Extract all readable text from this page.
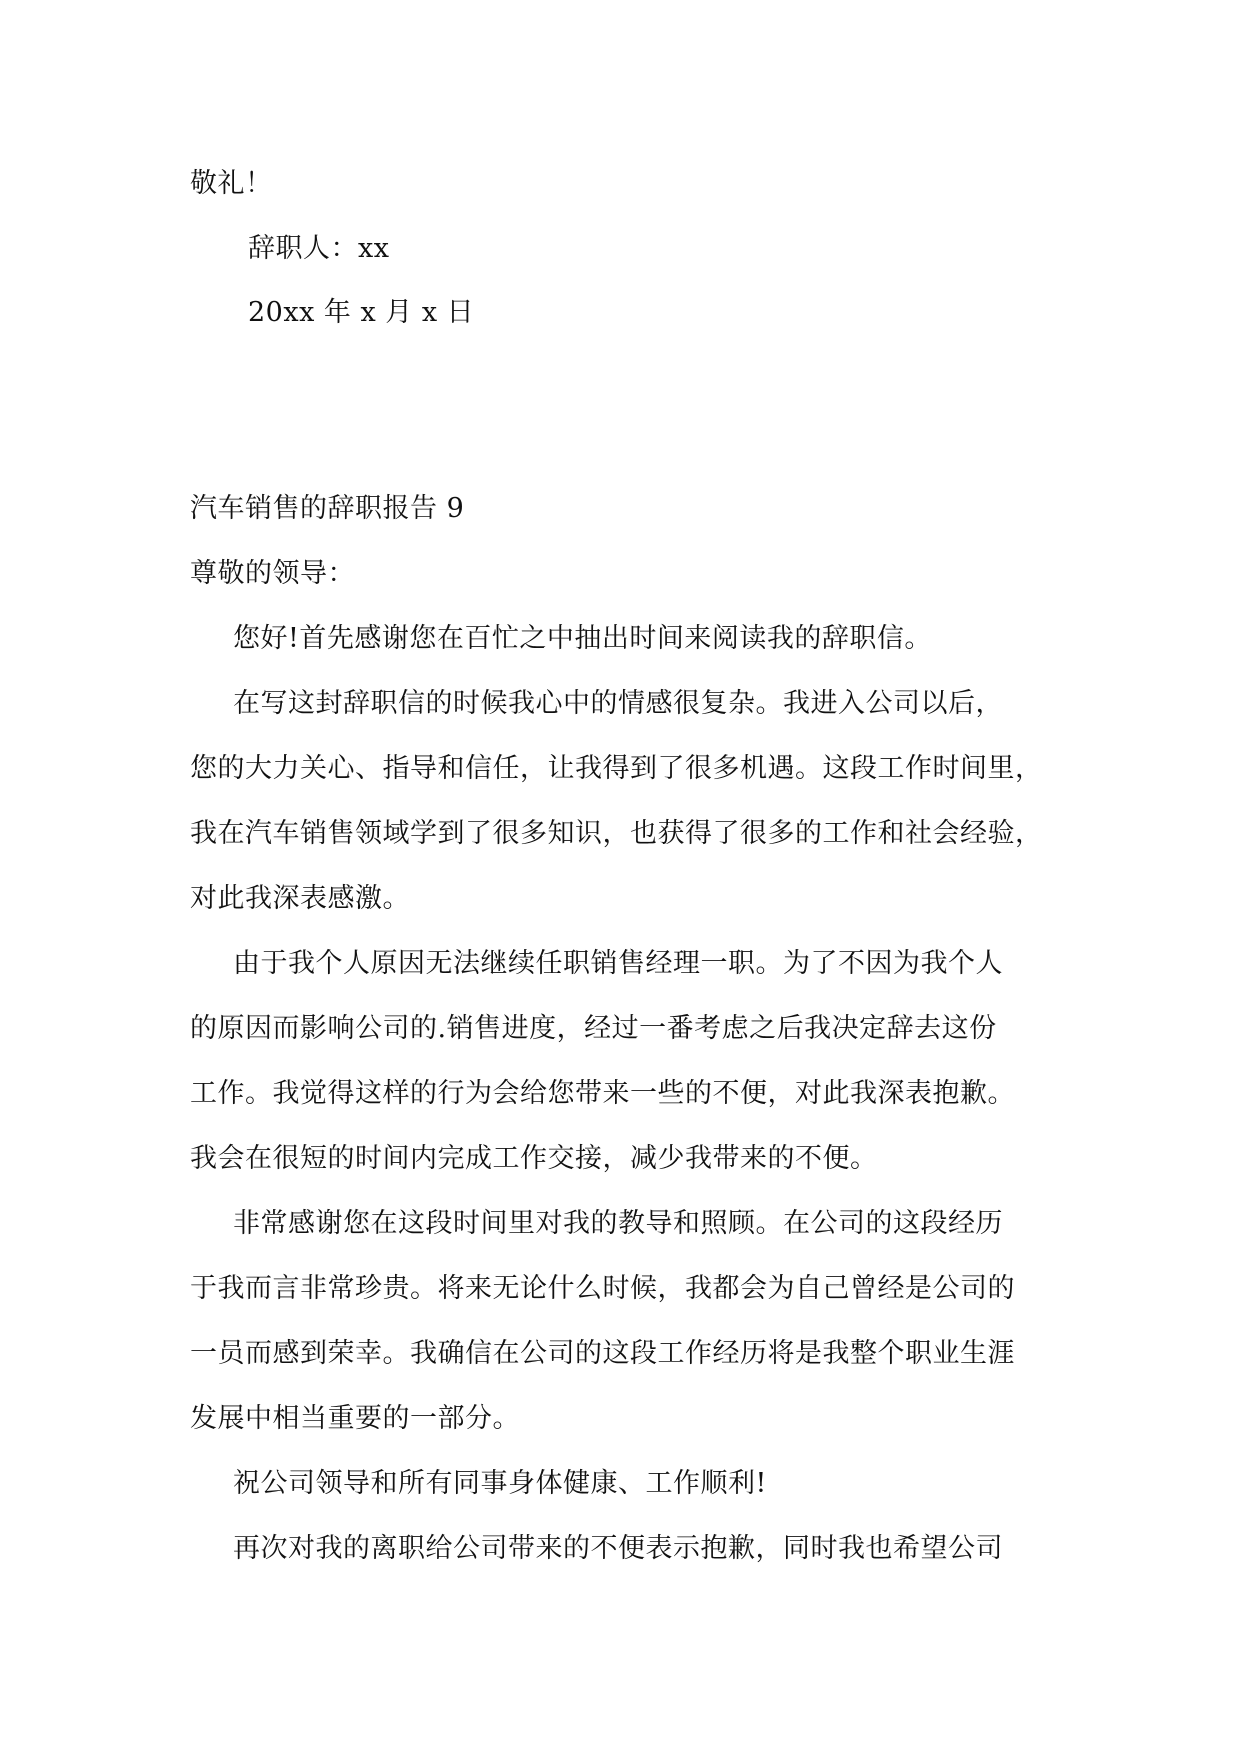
敬礼！
辞职人：xx
20xx 年 x 月 x 日
汽车销售的辞职报告 9
尊敬的领导：
您好!首先感谢您在百忙之中抽出时间来阅读我的辞职信。
在写这封辞职信的时候我心中的情感很复杂。我进入公司以后，
您的大力关心、指导和信任，让我得到了很多机遇。这段工作时间里，
我在汽车销售领域学到了很多知识，也获得了很多的工作和社会经验，
对此我深表感激。
由于我个人原因无法继续任职销售经理一职。为了不因为我个人
的原因而影响公司的.销售进度，经过一番考虑之后我决定辞去这份
工作。我觉得这样的行为会给您带来一些的不便，对此我深表抱歉。
我会在很短的时间内完成工作交接，减少我带来的不便。
非常感谢您在这段时间里对我的教导和照顾。在公司的这段经历
于我而言非常珍贵。将来无论什么时候，我都会为自己曾经是公司的
一员而感到荣幸。我确信在公司的这段工作经历将是我整个职业生涯
发展中相当重要的一部分。
祝公司领导和所有同事身体健康、工作顺利!
再次对我的离职给公司带来的不便表示抱歉，同时我也希望公司
